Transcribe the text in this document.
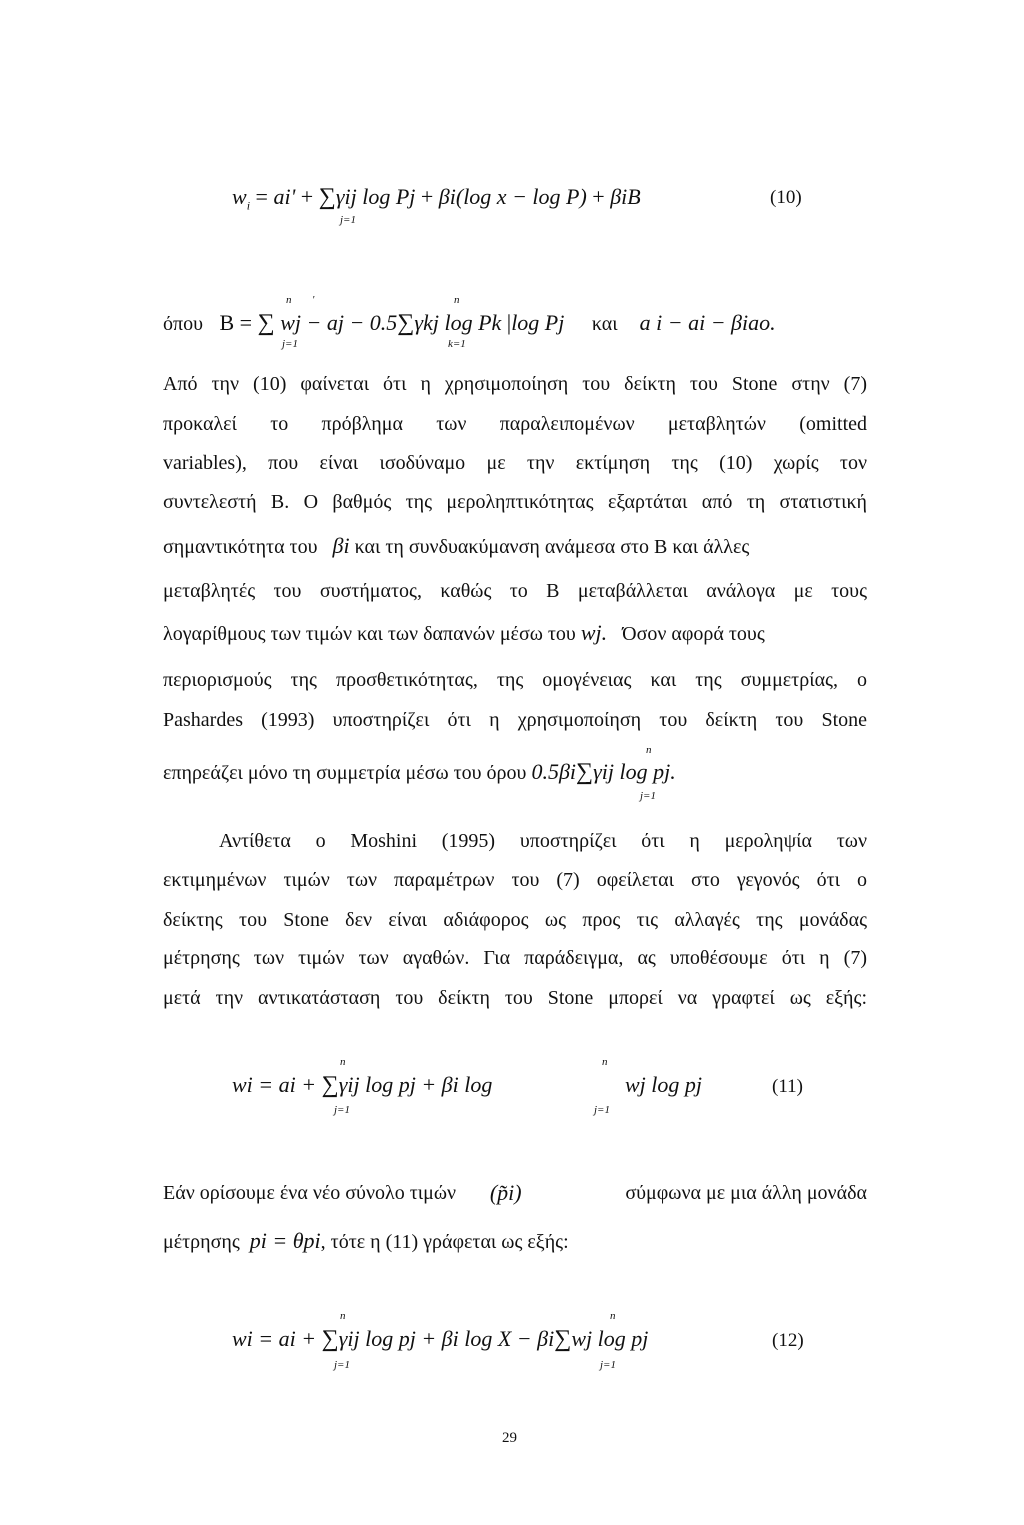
$w_i = ai' + \sum\gamma ij$ log Pj + βi(log x − log P) + βiB
j=1
(10)
όπου B = ∑ wj − aj − 0.5∑γkj log Pk |log Pj και a i − ai − βiao.
n '
j=1
n
k=1
Από την (10) φαίνεται ότι η χρησιμοποίηση του δείκτη του Stone στην (7)
προκαλεί το πρόβλημα των παραλειπομένων μεταβλητών (omitted
variables), που είναι ισοδύναμο με την εκτίμηση της (10) χωρίς τον
συντελεστή Β. Ο βαθμός της μεροληπτικότητας εξαρτάται από τη στατιστική
σημαντικότητα του βi και τη συνδυακύμανση ανάμεσα στο Β και άλλες
μεταβλητές του συστήματος, καθώς το Β μεταβάλλεται ανάλογα με τους
λογαρίθμους των τιμών και των δαπανών μέσω του wj. Όσον αφορά τους
περιορισμούς της προσθετικότητας, της ομογένειας και της συμμετρίας, ο
Pashardes (1993) υποστηρίζει ότι η χρησιμοποίηση του δείκτη του Stone
επηρεάζει μόνο τη συμμετρία μέσω του όρου 0.5βi∑γij log pj.
n
j=1
Αντίθετα ο Moshini (1995) υποστηρίζει ότι η μεροληψία των
εκτιμημένων τιμών των παραμέτρων του (7) οφείλεται στο γεγονός ότι ο
δείκτης του Stone δεν είναι αδιάφορος ως προς τις αλλαγές της μονάδας
μέτρησης των τιμών των αγαθών. Για παράδειγμα, ας υποθέσουμε ότι η (7)
μετά την αντικατάσταση του δείκτη του Stone μπορεί να γραφτεί ως εξής:
wi = ai + ∑γij log pj + βi log
n
j=1
n
j=1
wj log pj	(11)
Εάν ορίσουμε ένα νέο σύνολο τιμών (p̃i)	σύμφωνα με μια άλλη μονάδα
μέτρησης pi = θpi, τότε η (11) γράφεται ως εξής:
wi = ai + ∑γij log pj + βi log X − βi∑wj log pj
n
j=1
n
j=1
(12)
29
